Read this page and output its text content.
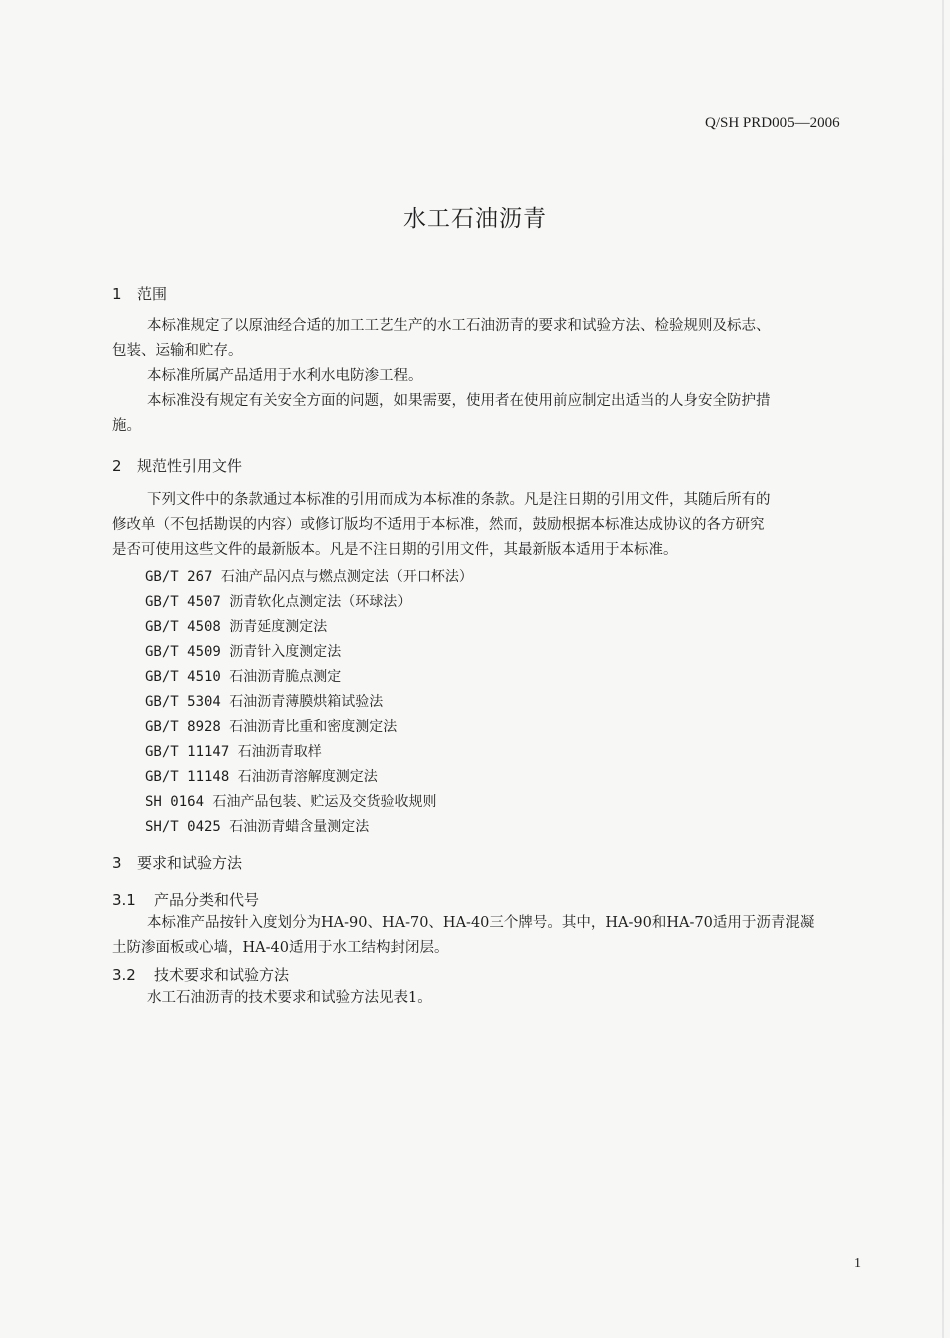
Q/SH PRD005—2006
水工石油沥青
1 范围
本标准规定了以原油经合适的加工工艺生产的水工石油沥青的要求和试验方法、检验规则及标志、
包装、运输和贮存。
本标准所属产品适用于水利水电防渗工程。
本标准没有规定有关安全方面的问题，如果需要，使用者在使用前应制定出适当的人身安全防护措
施。
2 规范性引用文件
下列文件中的条款通过本标准的引用而成为本标准的条款。凡是注日期的引用文件，其随后所有的
修改单（不包括勘误的内容）或修订版均不适用于本标准，然而，鼓励根据本标准达成协议的各方研究
是否可使用这些文件的最新版本。凡是不注日期的引用文件，其最新版本适用于本标准。
GB/T 267 石油产品闪点与燃点测定法（开口杯法）
GB/T 4507 沥青软化点测定法（环球法）
GB/T 4508 沥青延度测定法
GB/T 4509 沥青针入度测定法
GB/T 4510 石油沥青脆点测定
GB/T 5304 石油沥青薄膜烘箱试验法
GB/T 8928 石油沥青比重和密度测定法
GB/T 11147 石油沥青取样
GB/T 11148 石油沥青溶解度测定法
SH 0164 石油产品包装、贮运及交货验收规则
SH/T 0425 石油沥青蜡含量测定法
3 要求和试验方法
3.1 产品分类和代号
本标准产品按针入度划分为HA-90、HA-70、HA-40三个牌号。其中，HA-90和HA-70适用于沥青混凝
土防渗面板或心墙，HA-40适用于水工结构封闭层。
3.2 技术要求和试验方法
水工石油沥青的技术要求和试验方法见表1。
1
